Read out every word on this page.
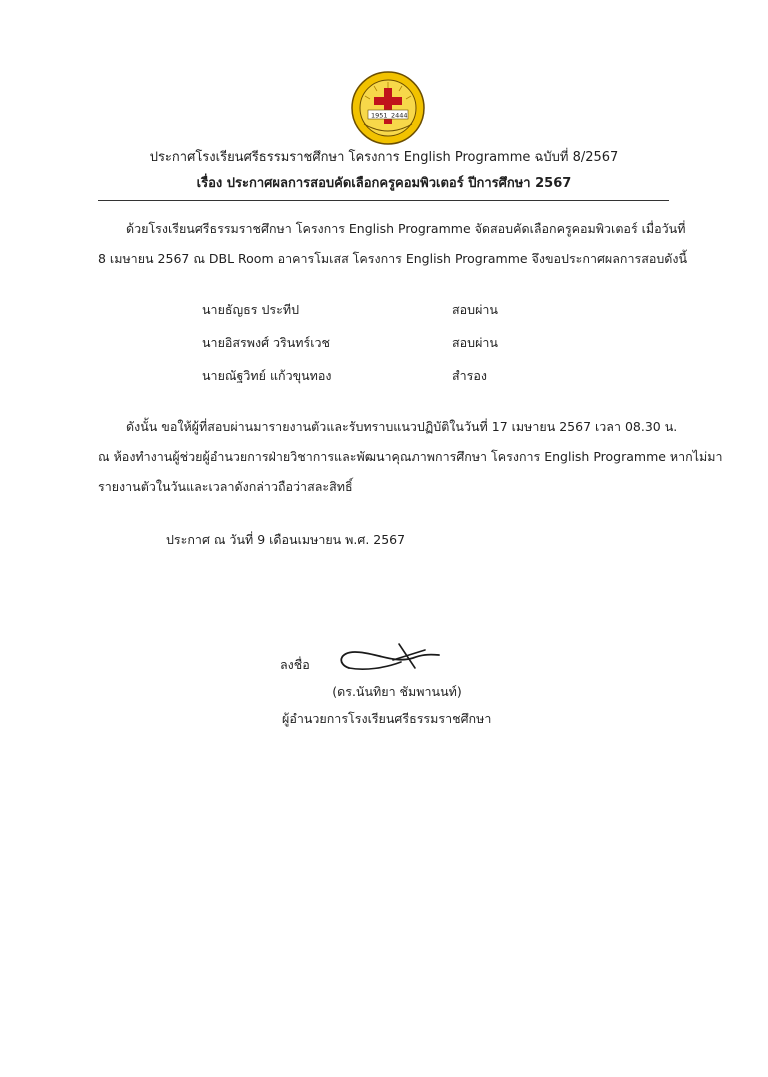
1951 2444
ประกาศโรงเรียนศรีธรรมราชศึกษา โครงการ English Programme ฉบับที่ 8/2567
เรื่อง ประกาศผลการสอบคัดเลือกครูคอมพิวเตอร์ ปีการศึกษา 2567

ด้วยโรงเรียนศรีธรรมราชศึกษา โครงการ English Programme จัดสอบคัดเลือกครูคอมพิวเตอร์ เมื่อวันที่
8 เมษายน 2567 ณ DBL Room อาคารโมเสส โครงการ English Programme จึงขอประกาศผลการสอบดังนี้

นายธัญธร ประทีป	สอบผ่าน
นายอิสรพงศ์ วรินทร์เวช	สอบผ่าน
นายณัฐวิทย์ แก้วขุนทอง	สำรอง

ดังนั้น ขอให้ผู้ที่สอบผ่านมารายงานตัวและรับทราบแนวปฏิบัติในวันที่ 17 เมษายน 2567 เวลา 08.30 น.
ณ ห้องทำงานผู้ช่วยผู้อำนวยการฝ่ายวิชาการและพัฒนาคุณภาพการศึกษา โครงการ English Programme หากไม่มา
รายงานตัวในวันและเวลาดังกล่าวถือว่าสละสิทธิ์

ประกาศ ณ วันที่ 9 เดือนเมษายน พ.ศ. 2567
ลงชื่อ
(ดร.นันทิยา ชัมพานนท์)
ผู้อำนวยการโรงเรียนศรีธรรมราชศึกษา
